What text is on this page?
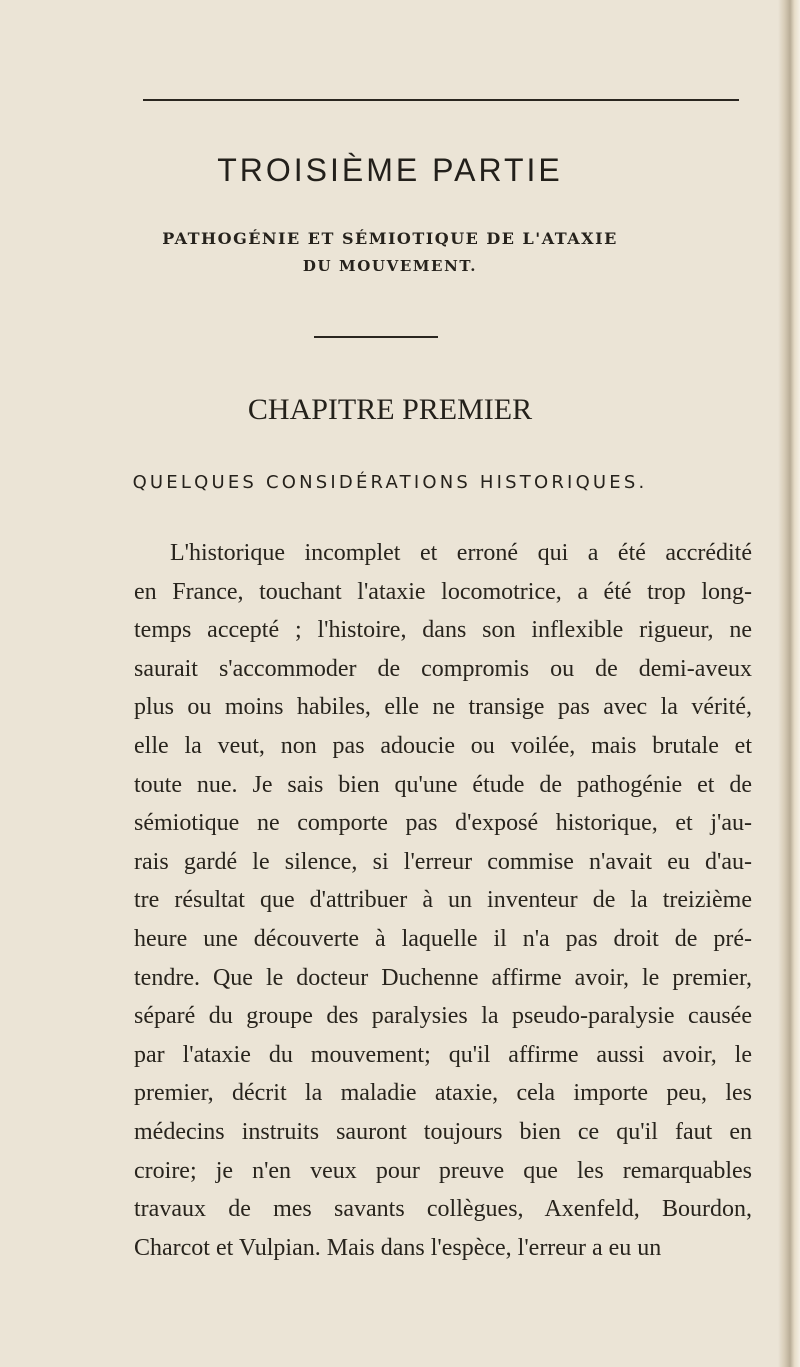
TROISIÈME PARTIE

PATHOGÉNIE ET SÉMIOTIQUE DE L'ATAXIE

DU MOUVEMENT.

CHAPITRE PREMIER

QUELQUES CONSIDÉRATIONS HISTORIQUES.

L'historique incomplet et erroné qui a été accrédité
en France, touchant l'ataxie locomotrice, a été trop long-
temps accepté ; l'histoire, dans son inflexible rigueur, ne
saurait s'accommoder de compromis ou de demi-aveux
plus ou moins habiles, elle ne transige pas avec la vérité,
elle la veut, non pas adoucie ou voilée, mais brutale et
toute nue. Je sais bien qu'une étude de pathogénie et de
sémiotique ne comporte pas d'exposé historique, et j'au-
rais gardé le silence, si l'erreur commise n'avait eu d'au-
tre résultat que d'attribuer à un inventeur de la treizième
heure une découverte à laquelle il n'a pas droit de pré-
tendre. Que le docteur Duchenne affirme avoir, le premier,
séparé du groupe des paralysies la pseudo-paralysie causée
par l'ataxie du mouvement; qu'il affirme aussi avoir, le
premier, décrit la maladie ataxie, cela importe peu, les
médecins instruits sauront toujours bien ce qu'il faut en
croire; je n'en veux pour preuve que les remarquables
travaux de mes savants collègues, Axenfeld, Bourdon,
Charcot et Vulpian. Mais dans l'espèce, l'erreur a eu un
